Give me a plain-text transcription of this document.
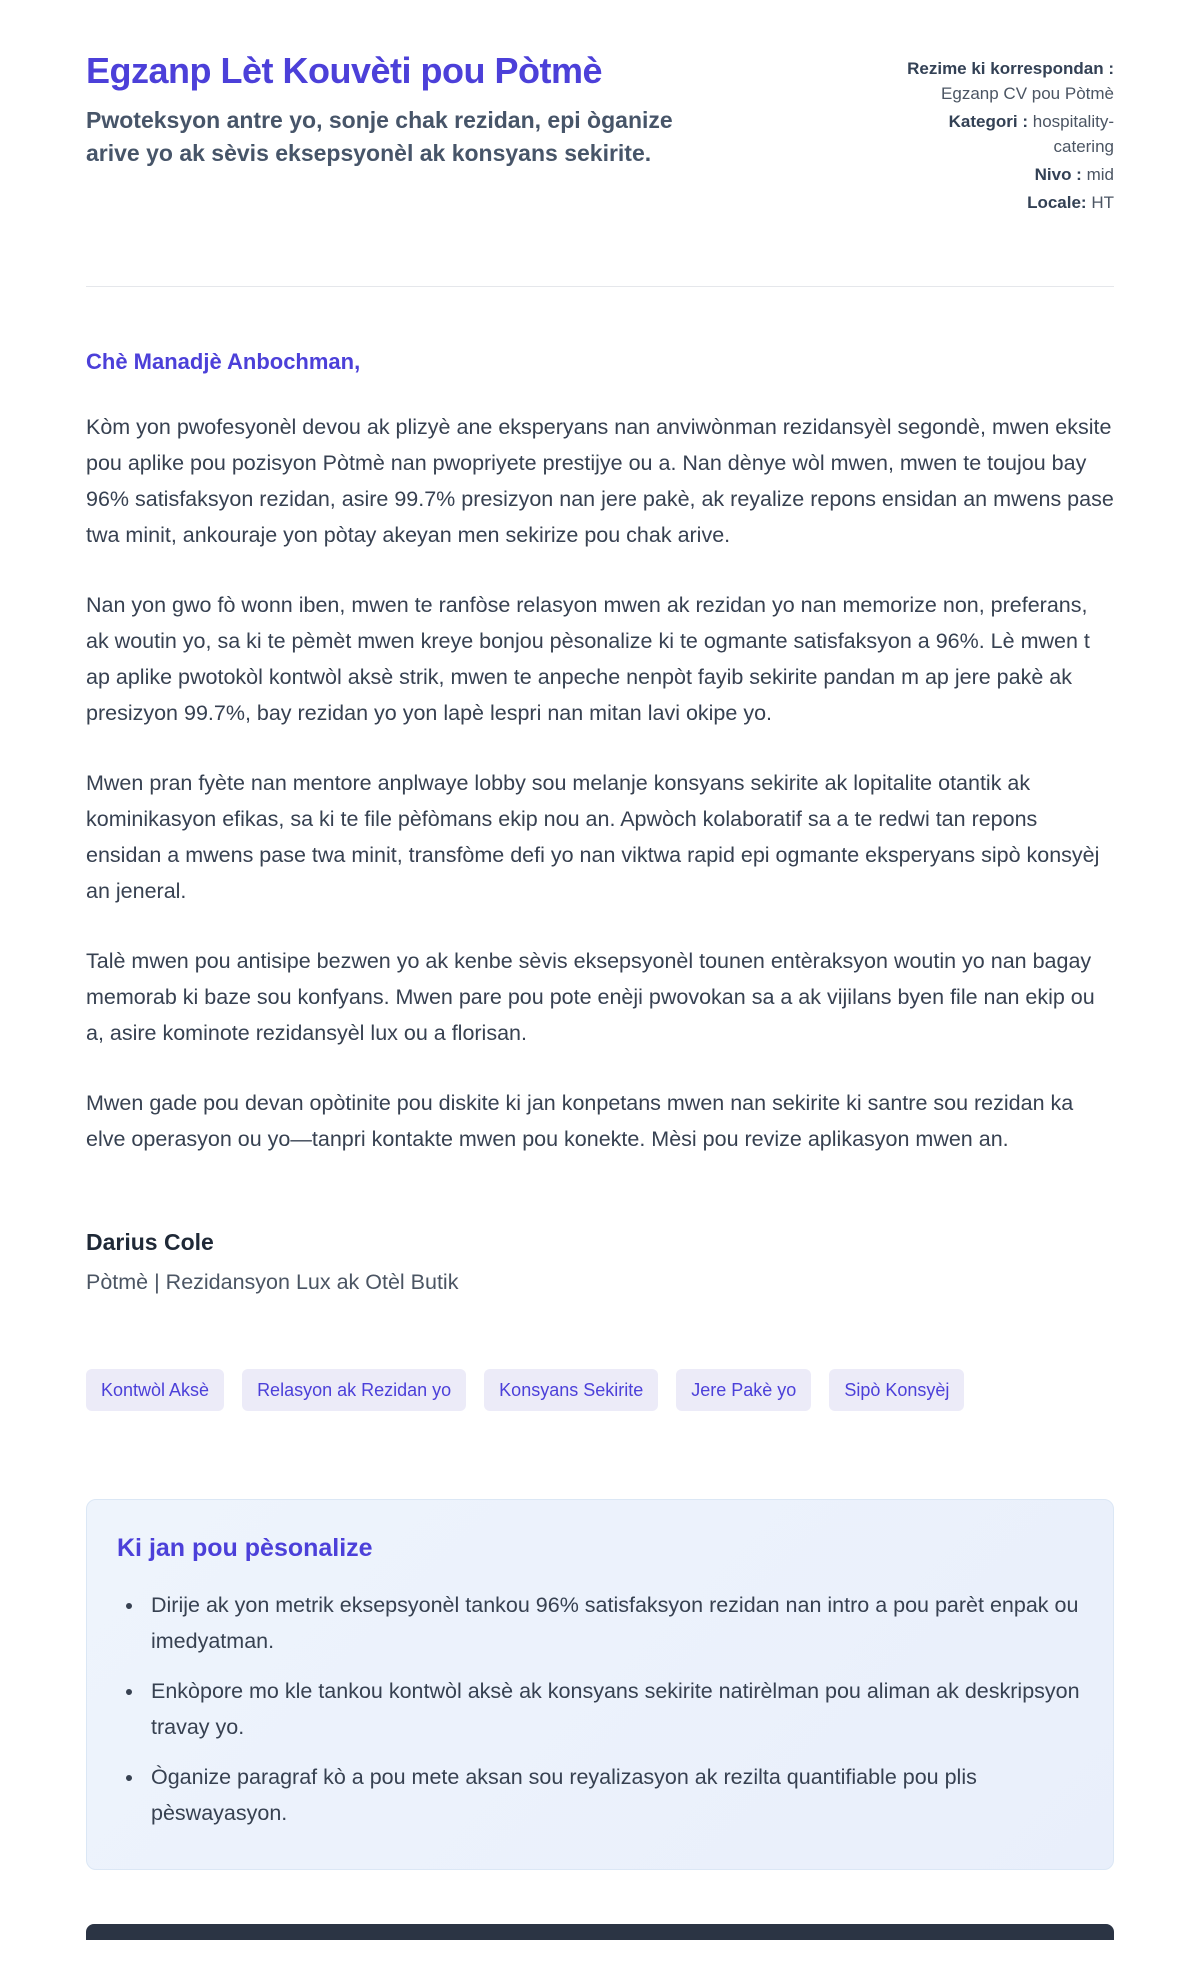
Egzanp Lèt Kouvèti pou Pòtmè
Pwoteksyon antre yo, sonje chak rezidan, epi òganize arive yo ak sèvis eksepsyonèl ak konsyans sekirite.
Rezime ki korrespondan : Egzanp CV pou Pòtmè
Kategori : hospitality-catering
Nivo : mid
Locale: HT

Chè Manadjè Anbochman,

Kòm yon pwofesyonèl devou ak plizyè ane eksperyans nan anviwònman rezidansyèl segondè, mwen eksite pou aplike pou pozisyon Pòtmè nan pwopriyete prestijye ou a. Nan dènye wòl mwen, mwen te toujou bay 96% satisfaksyon rezidan, asire 99.7% presizyon nan jere pakè, ak reyalize repons ensidan an mwens pase twa minit, ankouraje yon pòtay akeyan men sekirize pou chak arive.

Nan yon gwo fò wonn iben, mwen te ranfòse relasyon mwen ak rezidan yo nan memorize non, preferans, ak woutin yo, sa ki te pèmèt mwen kreye bonjou pèsonalize ki te ogmante satisfaksyon a 96%. Lè mwen t ap aplike pwotokòl kontwòl aksè strik, mwen te anpeche nenpòt fayib sekirite pandan m ap jere pakè ak presizyon 99.7%, bay rezidan yo yon lapè lespri nan mitan lavi okipe yo.

Mwen pran fyète nan mentore anplwaye lobby sou melanje konsyans sekirite ak lopitalite otantik ak kominikasyon efikas, sa ki te file pèfòmans ekip nou an. Apwòch kolaboratif sa a te redwi tan repons ensidan a mwens pase twa minit, transfòme defi yo nan viktwa rapid epi ogmante eksperyans sipò konsyèj an jeneral.

Talè mwen pou antisipe bezwen yo ak kenbe sèvis eksepsyonèl tounen entèraksyon woutin yo nan bagay memorab ki baze sou konfyans. Mwen pare pou pote enèji pwovokan sa a ak vijilans byen file nan ekip ou a, asire kominote rezidansyèl lux ou a florisan.

Mwen gade pou devan opòtinite pou diskite ki jan konpetans mwen nan sekirite ki santre sou rezidan ka elve operasyon ou yo—tanpri kontakte mwen pou konekte. Mèsi pou revize aplikasyon mwen an.

Darius Cole
Pòtmè | Rezidansyon Lux ak Otèl Butik
Kontwòl Aksè	Relasyon ak Rezidan yo	Konsyans Sekirite	Jere Pakè yo	Sipò Konsyèj
Ki jan pou pèsonalize
• Dirije ak yon metrik eksepsyonèl tankou 96% satisfaksyon rezidan nan intro a pou parèt enpak ou imedyatman.
• Enkòpore mo kle tankou kontwòl aksè ak konsyans sekirite natirèlman pou aliman ak deskripsyon travay yo.
• Òganize paragraf kò a pou mete aksan sou reyalizasyon ak rezilta quantifiable pou plis pèswayasyon.
